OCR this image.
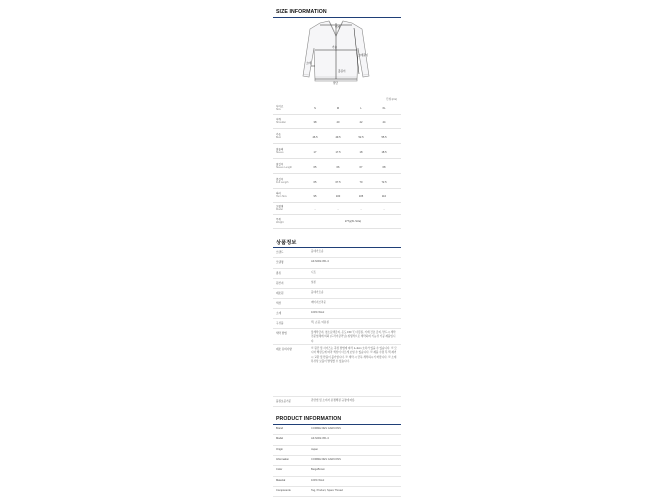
SIZE INFORMATION
어깨
가슴
소매
소매길이
밑단
총길이
단위:(cm)
사이즈
Size	S	M	L	XL
어깨
Shoulder	38	40	42	44
가슴
Bust	46.5	49.5	52.5	55.5
팔둘레
Sleeve	17	17.5	18	18.5
팔길이
Sleeve Length	65	66	67	68
총길이
Full Length	65	67.5	70	72.5
허리
Hem Size	95	100	105	110
모델명
Model	-	-	-	-
무게
Weight	277g(XL Size)
상품정보
브랜드	꼼데가르송
모델명	AZ-N002-051-3
종류	니트
원산지	일본
제조원	꼼데가르송
색상	베이지브라운
소재	100% Wool
구성품	택, 쇼핑, 여분실
세탁 방법	물세탁금지, 염소표백금지, 온도 150 ℃ 다림질, 기계 건조 금지, 반드시 세탁 전문업체에 의뢰 (드라이클리닝) 위생적으로 세탁하며 기능성 가공 제품입니다.
제조 유의사항	※ 원단 및 사이즈는 측정 방법에 따라 1~3cm 오차가 있을 수 있습니다. ※ 모니터 해상도에 따라 색상이 다르게 보일 수 있습니다. ※ 제품 수령 후 택 제거 시 교환 및 반품이 불가합니다. ※ 세탁 시 단독 세탁하시기 바랍니다. ※ 소재 특성상 보풀이 발생할 수 있습니다.
품질보증기준	관련법 및 소비자 분쟁해결 규정에 따름
PRODUCT INFORMATION
Brand	COMME DES GARCONS
Model	AZ-N002-051-3
Origin	Japan
Information	COMME DES GARCONS
Color	BeigeBrown
Material	100% Wool
Components	Tag, Product, Spare Thread
